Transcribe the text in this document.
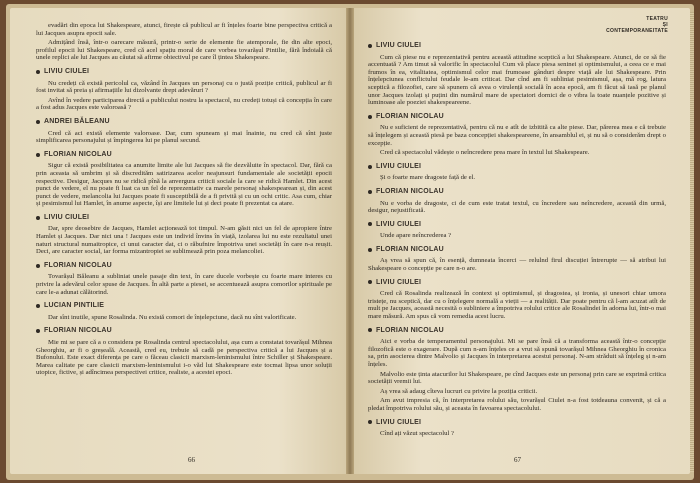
evadări din epoca lui Shakespeare, atunci, firește că publicul ar fi înțeles foarte bine perspectiva critică a lui Jacques asupra epocii sale.

Admițând însă, într-o oarecare măsură, printr-o serie de elemente fie atemporale, fie din alte epoci, profilul epocii lui Shakespeare, cred că acel spațiu moral de care vorbea tovarășul Pintilie, fără îndoială că unele replici ale lui Jacques au căutat să afirme obiectivul pe care îl țintea Shakespeare.

LIVIU CIULEI

Nu credeți că există pericolul ca, văzând în Jacques un personaj cu o justă poziție critică, publicul ar fi fost invitat să preia și afirmațiile lui dizolvante drept adevăruri ?

Avînd în vedere participarea directă a publicului nostru la spectacol, nu credeți totuși că concepția în care a fost adus Jacques este valoroasă ?

ANDREI BĂLEANU

Cred că aci există elemente valoroase. Dar, cum spuneam și mai înainte, nu cred că sînt juste simplificarea personajului și împingerea lui pe planul secund.

FLORIAN NICOLAU

Sigur că există posibilitatea ca anumite limite ale lui Jacques să fie dezvăluite în spectacol. Dar, fără ca prin aceasta să umbrim și să discredităm satirizarea acelor neajunsuri fundamentale ale societății epocii respective. Desigur, Jacques nu se ridică pînă la anvergura criticii sociale la care se ridică Hamlet. Din acest punct de vedere, el nu poate fi luat ca un fel de reprezentativ ca marele personaj shakespearean și, din acest punct de vedere, melancolia lui Jacques poate fi susceptibilă de a fi privită și cu un ochi critic. Asa cum, chiar și pesimismul lui Hamlet, în anume aspecte, își are limitele lui și deci poate fi prezentat ca atare.

LIVIU CIULEI

Dar, spre deosebire de Jacques, Hamlet acționează tot timpul. N-am găsit nici un fel de apropiere între Hamlet și Jacques. Dar nici una ! Jacques este un individ învins în viață, izolarea lui nu este rezultatul unei naturi structural numaitropice, ci unui caracter dat, ci o răbufnire împotriva unei societăți în care n-a reușit. Deci, are caracter social, iar forma mizantropiei se sublimează prin poza melancoliei.

FLORIAN NICOLAU

Tovarășul Băleanu a subliniat unele pasaje din text, în care ducele vorbește cu foarte mare interes cu privire la adevărul celor spuse de Jacques. În altă parte a piesei, se accentuează asupra comorilor spirituale pe care le-a adunat călătorind.

LUCIAN PINTILIE

Dar sînt inutile, spune Rosalinda. Nu există comori de înțelepciune, dacă nu sînt valorificate.

FLORIAN NICOLAU

Mie mi se pare că a o considera pe Rosalinda centrul spectacolului, așa cum a constatat tovarășul Mihnea Gheorghiu, ar fi o greșeală. Această, cred eu, trebuie să cadă pe perspectiva critică a lui Jacques și a Bufonului. Este exact diferența pe care o făceau clasicii marxism-leninismului între Schiller și Shakespeare. Marea calitate pe care clasicii marxism-leninismului i-o văd lui Shakespeare este tocmai lipsa unor soluții utopice, fictive, și adîncimea perspectivei critice, realiste, a acestei epoci.

66
TEATRU
ȘI
CONTEMPORANEITATE
LIVIU CIULEI

Cum că piese nu e reprezentativă pentru această atitudine sceptică a lui Shakespeare. Atunci, de ce să fie accentuată ? Am timut să valorific în spectacolul Cum vă place piesa seninei și optimismului, a ceea ce e mai frumos în ea, vitalitatea, optimismul celor mai frumoase gânduri despre viață ale lui Shakespeare. Prin înțelepciunea conflictului feudale le-am criticat. Dar cînd am fi subliniat pesimismul, așa, mă rog, latura sceptică a filozofiei, care să spunem că avea o virulență socială în acea epocă, am fi făcut să iasă pe planul unor Jacques izolați și puțini din numărul mare de spectatori dornici de o vibra la toate nuanțele pozitive și luminoase ale poeziei shakespeareene.

FLORIAN NICOLAU

Nu e suficient de reprezentativă, pentru că nu e atît de izbitită ca alte piese. Dar, părerea mea e că trebuie să înțelegem și această piesă pe baza concepției shakespeareene, în ansamblul ei, și nu să o considerăm drept o excepție.

Cred că spectacolul vădește o neîncredere prea mare în textul lui Shakespeare.

LIVIU CIULEI

Și o foarte mare dragoste față de el.

FLORIAN NICOLAU

Nu e vorba de dragoste, ci de cum este tratat textul, cu încredere sau neîncredere, această din urmă, desigur, nejustificată.

LIVIU CIULEI

Unde apare neîncrederea ?

FLORIAN NICOLAU

Aș vrea să spun că, în esență, dumneata încerci — relulnd firul discuției întrerupte — să atribui lui Shakespeare o concepție pe care n-o are.

LIVIU CIULEI

Cred că Rosalinda realizează în context și optimismul, și dragostea, și ironia, și unesori chiar umora tristețe, nu sceptică, dar cu o înțelegere normală a vieții — a realității. Dar poate pentru că l-am acuzat atît de mult pe Jacques, această necesită o subliniere a împotriva rolului critice ale Rosalindei în adorna lui, într-o mai mare măsură. Am spus că vom remedia acest lucru.

FLORIAN NICOLAU

Aici e vorba de temperamentul personajului. Mi se pare însă că a transforma această într-o concepție filozofică este o exagerare. După cum n-am înțeles ce a vrut să spună tovarășul Mihnea Gheorghiu în cronica sa, prin asocierea dintre Malvolio și Jacques în interpretarea acestui personaj. N-am străduit să înțeleg și n-am înțeles.

Malvolio este ținta atacurilor lui Shakespeare, pe cînd Jacques este un personaj prin care se exprimă critica societății vremii lui.

Aș vrea să adaug cîteva lucruri cu privire la poziția criticii.

Am avut impresia că, în interpretarea rolului său, tovarășul Ciulei n-a fost totdeauna convenit, și că a pledat împotriva rolului său, și aceasta în favoarea spectacolului.

LIVIU CIULEI

Cînd ați văzut spectacolul ?

67
